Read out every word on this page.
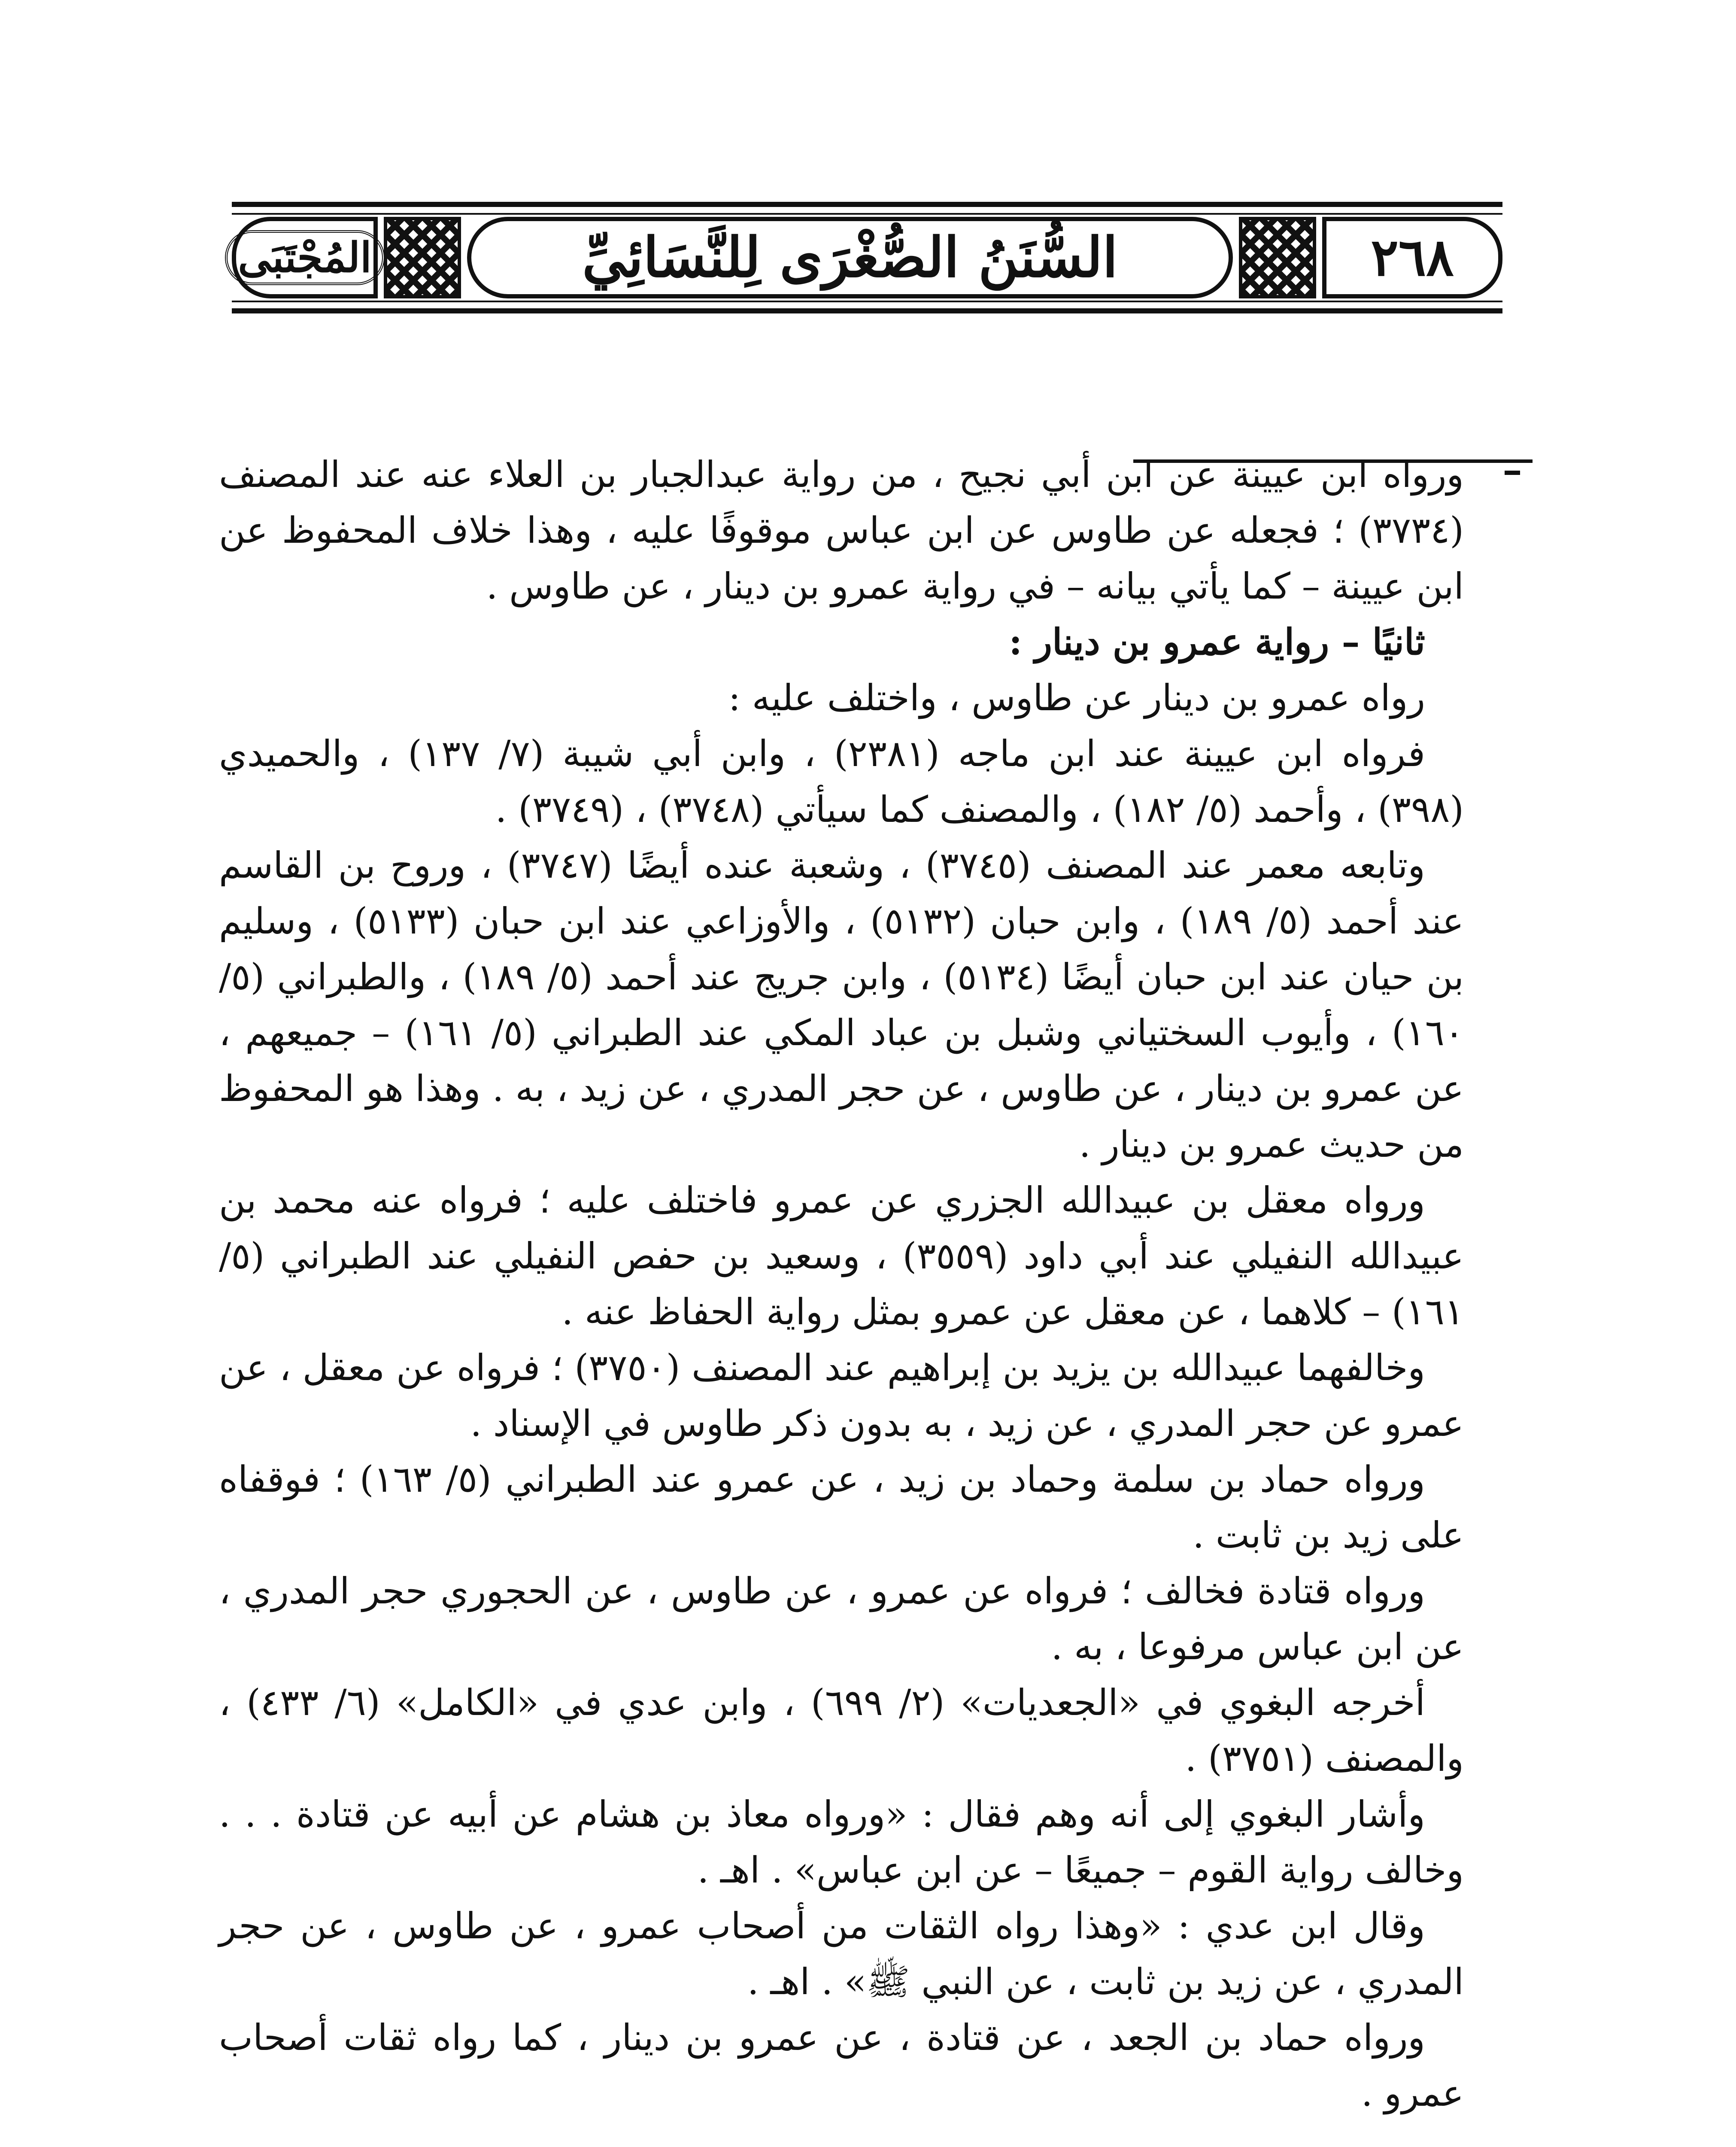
المُجْتَبَى	السُّنَنُ الصُّغْرَى لِلنَّسَائِيِّ	٢٦٨

ورواه ابن عيينة عن ابن أبي نجيح ، من رواية عبدالجبار بن العلاء عنه عند المصنف (٣٧٣٤) ؛ فجعله عن طاوس عن ابن عباس موقوفًا عليه ، وهذا خلاف المحفوظ عن ابن عيينة – كما يأتي بيانه – في رواية عمرو بن دينار ، عن طاوس .

ثانيًا – رواية عمرو بن دينار :

رواه عمرو بن دينار عن طاوس ، واختلف عليه :

فرواه ابن عيينة عند ابن ماجه (٢٣٨١) ، وابن أبي شيبة (٧/ ١٣٧) ، والحميدي (٣٩٨) ، وأحمد (٥/ ١٨٢) ، والمصنف كما سيأتي (٣٧٤٨) ، (٣٧٤٩) .

وتابعه معمر عند المصنف (٣٧٤٥) ، وشعبة عنده أيضًا (٣٧٤٧) ، وروح بن القاسم عند أحمد (٥/ ١٨٩) ، وابن حبان (٥١٣٢) ، والأوزاعي عند ابن حبان (٥١٣٣) ، وسليم بن حيان عند ابن حبان أيضًا (٥١٣٤) ، وابن جريج عند أحمد (٥/ ١٨٩) ، والطبراني (٥/ ١٦٠) ، وأيوب السختياني وشبل بن عباد المكي عند الطبراني (٥/ ١٦١) – جميعهم ، عن عمرو بن دينار ، عن طاوس ، عن حجر المدري ، عن زيد ، به . وهذا هو المحفوظ من حديث عمرو بن دينار .

ورواه معقل بن عبيدالله الجزري عن عمرو فاختلف عليه ؛ فرواه عنه محمد بن عبيدالله النفيلي عند أبي داود (٣٥٥٩) ، وسعيد بن حفص النفيلي عند الطبراني (٥/ ١٦١) – كلاهما ، عن معقل عن عمرو بمثل رواية الحفاظ عنه .

وخالفهما عبيدالله بن يزيد بن إبراهيم عند المصنف (٣٧٥٠) ؛ فرواه عن معقل ، عن عمرو عن حجر المدري ، عن زيد ، به بدون ذكر طاوس في الإسناد .

ورواه حماد بن سلمة وحماد بن زيد ، عن عمرو عند الطبراني (٥/ ١٦٣) ؛ فوقفاه على زيد بن ثابت .

ورواه قتادة فخالف ؛ فرواه عن عمرو ، عن طاوس ، عن الحجوري حجر المدري ، عن ابن عباس مرفوعا ، به .

أخرجه البغوي في «الجعديات» (٢/ ٦٩٩) ، وابن عدي في «الكامل» (٦/ ٤٣٣) ، والمصنف (٣٧٥١) .

وأشار البغوي إلى أنه وهم فقال : «ورواه معاذ بن هشام عن أبيه عن قتادة . . . وخالف رواية القوم – جميعًا – عن ابن عباس» . اهـ .

وقال ابن عدي : «وهذا رواه الثقات من أصحاب عمرو ، عن طاوس ، عن حجر المدري ، عن زيد بن ثابت ، عن النبي ﷺ» . اهـ .

ورواه حماد بن الجعد ، عن قتادة ، عن عمرو بن دينار ، كما رواه ثقات أصحاب عمرو .
